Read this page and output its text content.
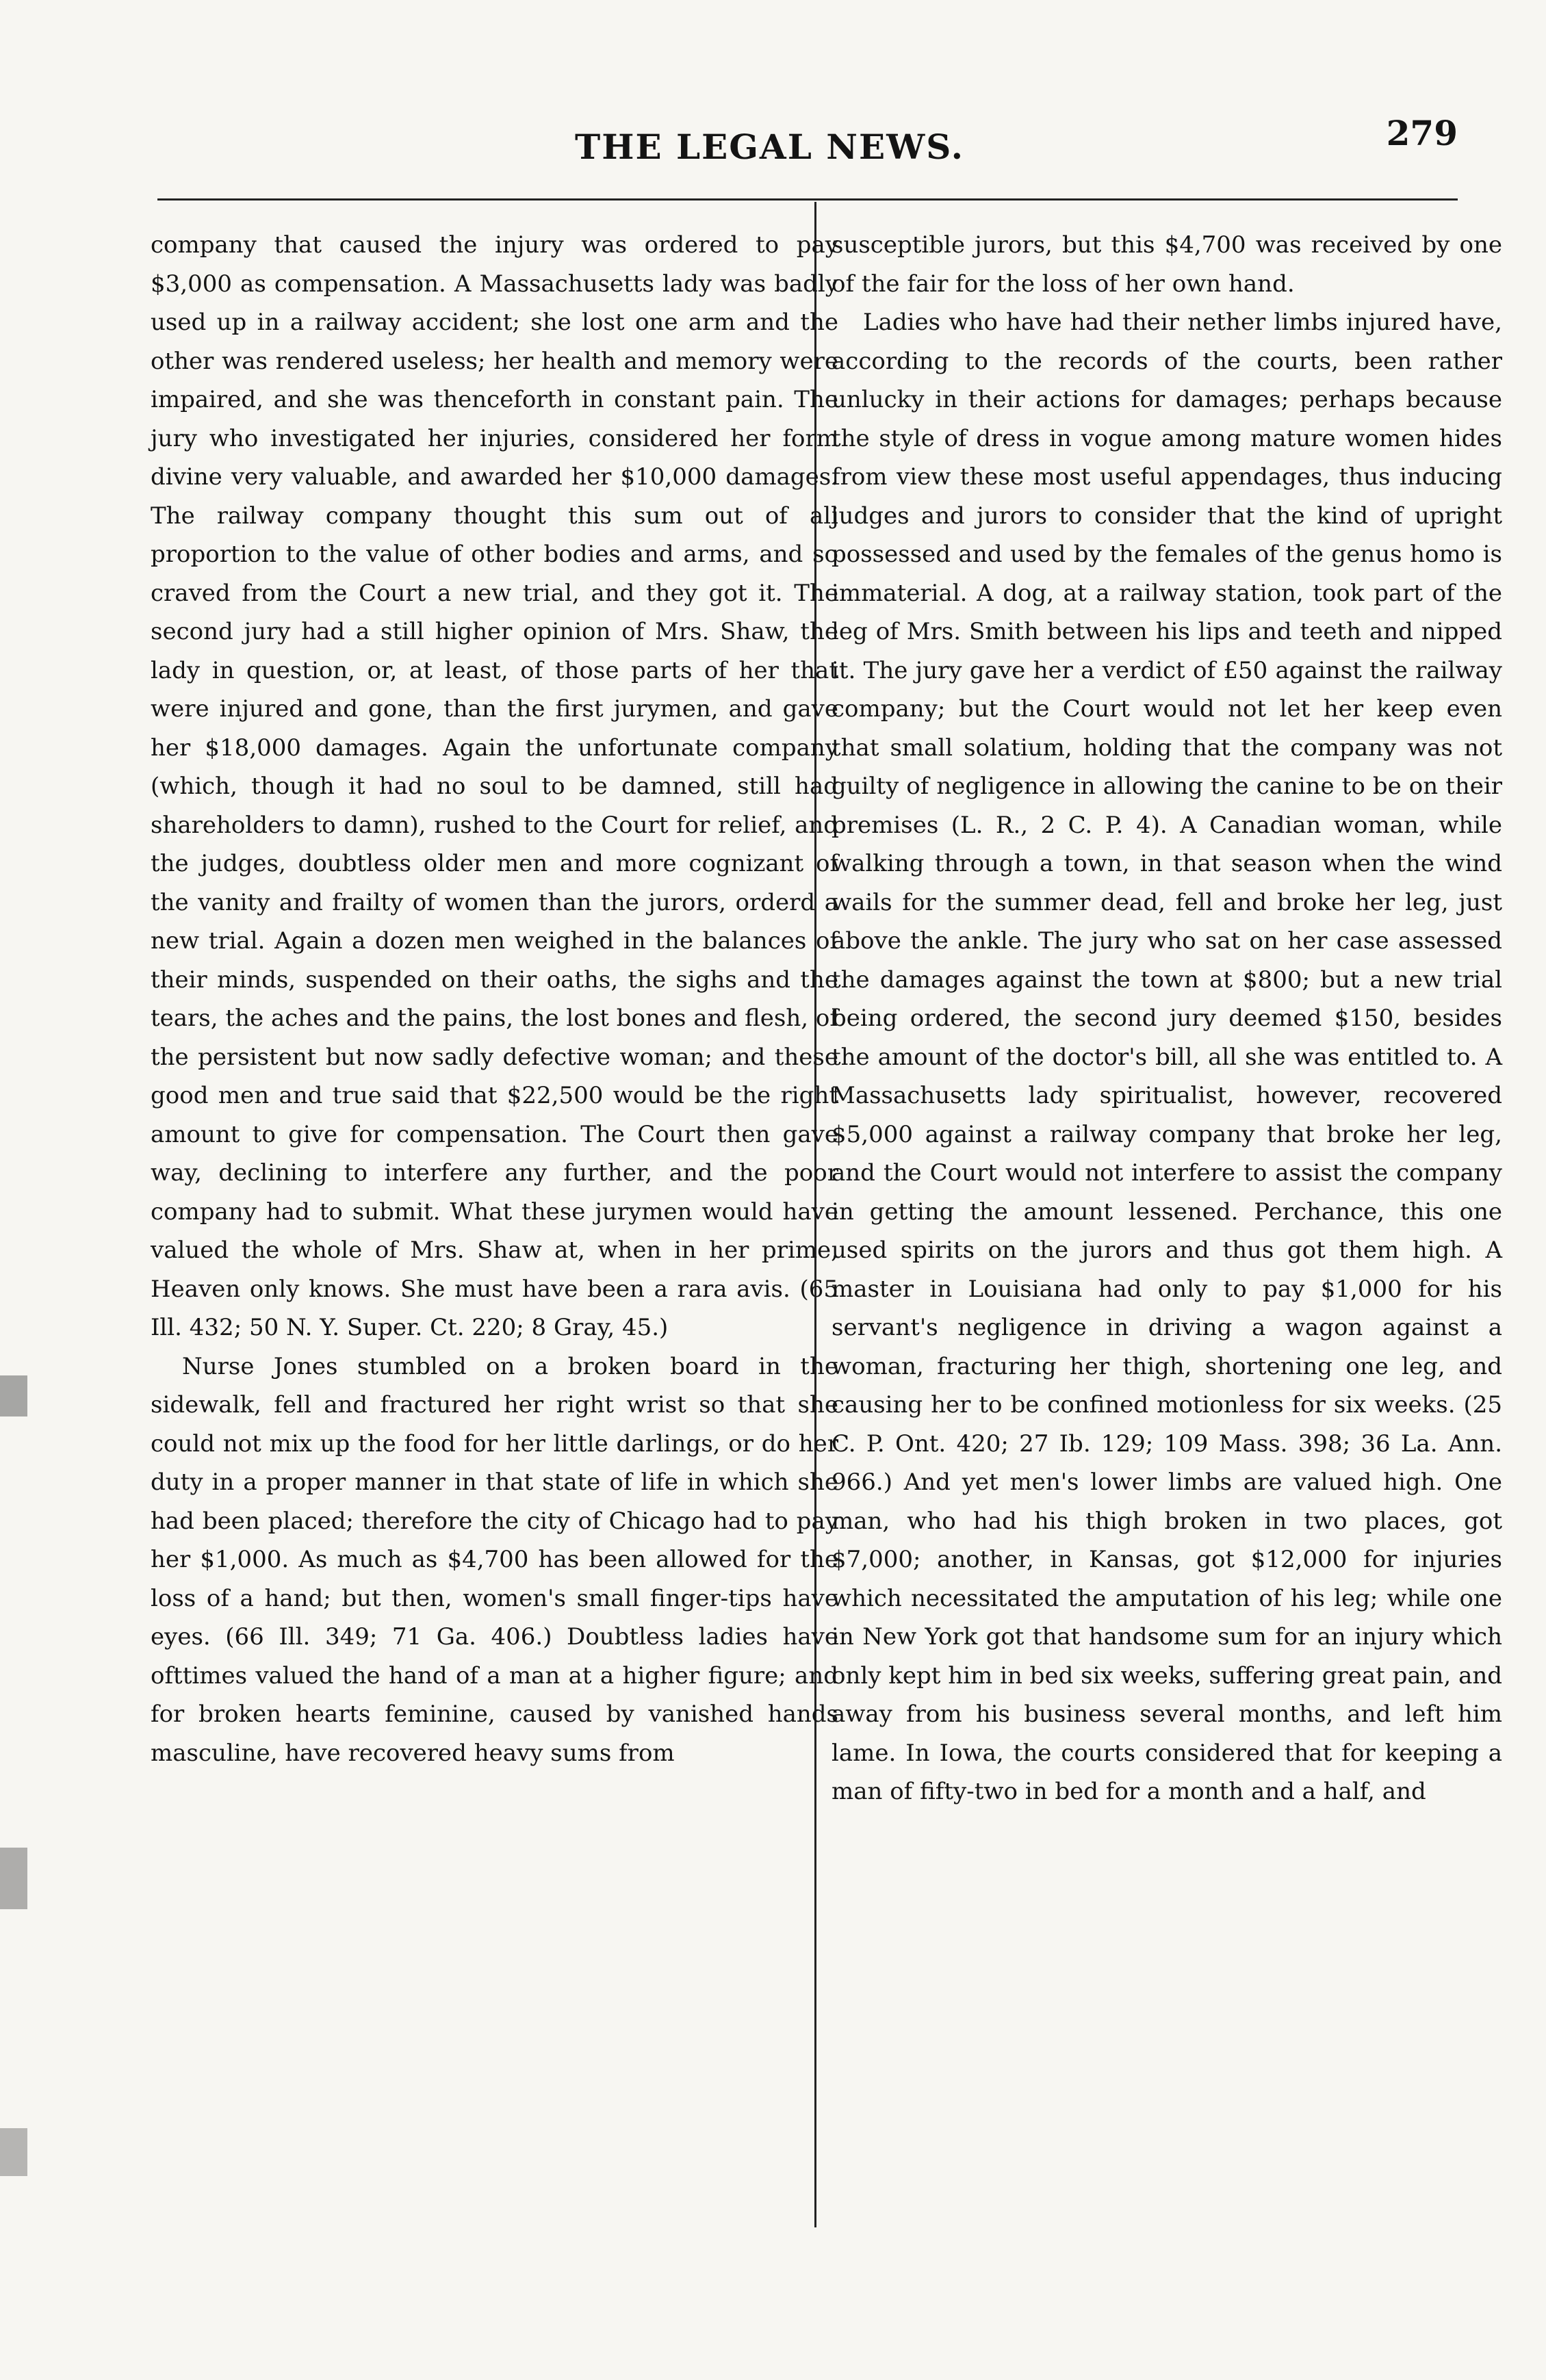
THE LEGAL NEWS.	279

company that caused the injury was ordered to pay $3,000 as compensation. A Massachusetts lady was badly used up in a railway accident; she lost one arm and the other was rendered useless; her health and memory were impaired, and she was thenceforth in constant pain. The jury who investigated her injuries, considered her form divine very valuable, and awarded her $10,000 damages. The railway company thought this sum out of all proportion to the value of other bodies and arms, and so craved from the Court a new trial, and they got it. The second jury had a still higher opinion of Mrs. Shaw, the lady in question, or, at least, of those parts of her that were injured and gone, than the first jurymen, and gave her $18,000 damages. Again the unfortunate company (which, though it had no soul to be damned, still had shareholders to damn), rushed to the Court for relief, and the judges, doubtless older men and more cognizant of the vanity and frailty of women than the jurors, orderd a new trial. Again a dozen men weighed in the balances of their minds, suspended on their oaths, the sighs and the tears, the aches and the pains, the lost bones and flesh, of the persistent but now sadly defective woman; and these good men and true said that $22,500 would be the right amount to give for compensation. The Court then gave way, declining to interfere any further, and the poor company had to submit. What these jurymen would have valued the whole of Mrs. Shaw at, when in her prime, Heaven only knows. She must have been a rara avis. (65 Ill. 432; 50 N. Y. Super. Ct. 220; 8 Gray, 45.)

Nurse Jones stumbled on a broken board in the sidewalk, fell and fractured her right wrist so that she could not mix up the food for her little darlings, or do her duty in a proper manner in that state of life in which she had been placed; therefore the city of Chicago had to pay her $1,000. As much as $4,700 has been allowed for the loss of a hand; but then, women's small finger-tips have eyes. (66 Ill. 349; 71 Ga. 406.) Doubtless ladies have ofttimes valued the hand of a man at a higher figure; and for broken hearts feminine, caused by vanished hands masculine, have recovered heavy sums from

susceptible jurors, but this $4,700 was received by one of the fair for the loss of her own hand.

Ladies who have had their nether limbs injured have, according to the records of the courts, been rather unlucky in their actions for damages; perhaps because the style of dress in vogue among mature women hides from view these most useful appendages, thus inducing judges and jurors to consider that the kind of upright possessed and used by the females of the genus homo is immaterial. A dog, at a railway station, took part of the leg of Mrs. Smith between his lips and teeth and nipped it. The jury gave her a verdict of £50 against the railway company; but the Court would not let her keep even that small solatium, holding that the company was not guilty of negligence in allowing the canine to be on their premises (L. R., 2 C. P. 4). A Canadian woman, while walking through a town, in that season when the wind wails for the summer dead, fell and broke her leg, just above the ankle. The jury who sat on her case assessed the damages against the town at $800; but a new trial being ordered, the second jury deemed $150, besides the amount of the doctor's bill, all she was entitled to. A Massachusetts lady spiritualist, however, recovered $5,000 against a railway company that broke her leg, and the Court would not interfere to assist the company in getting the amount lessened. Perchance, this one used spirits on the jurors and thus got them high. A master in Louisiana had only to pay $1,000 for his servant's negligence in driving a wagon against a woman, fracturing her thigh, shortening one leg, and causing her to be confined motionless for six weeks. (25 C. P. Ont. 420; 27 Ib. 129; 109 Mass. 398; 36 La. Ann. 966.) And yet men's lower limbs are valued high. One man, who had his thigh broken in two places, got $7,000; another, in Kansas, got $12,000 for injuries which necessitated the amputation of his leg; while one in New York got that handsome sum for an injury which only kept him in bed six weeks, suffering great pain, and away from his business several months, and left him lame. In Iowa, the courts considered that for keeping a man of fifty-two in bed for a month and a half, and
